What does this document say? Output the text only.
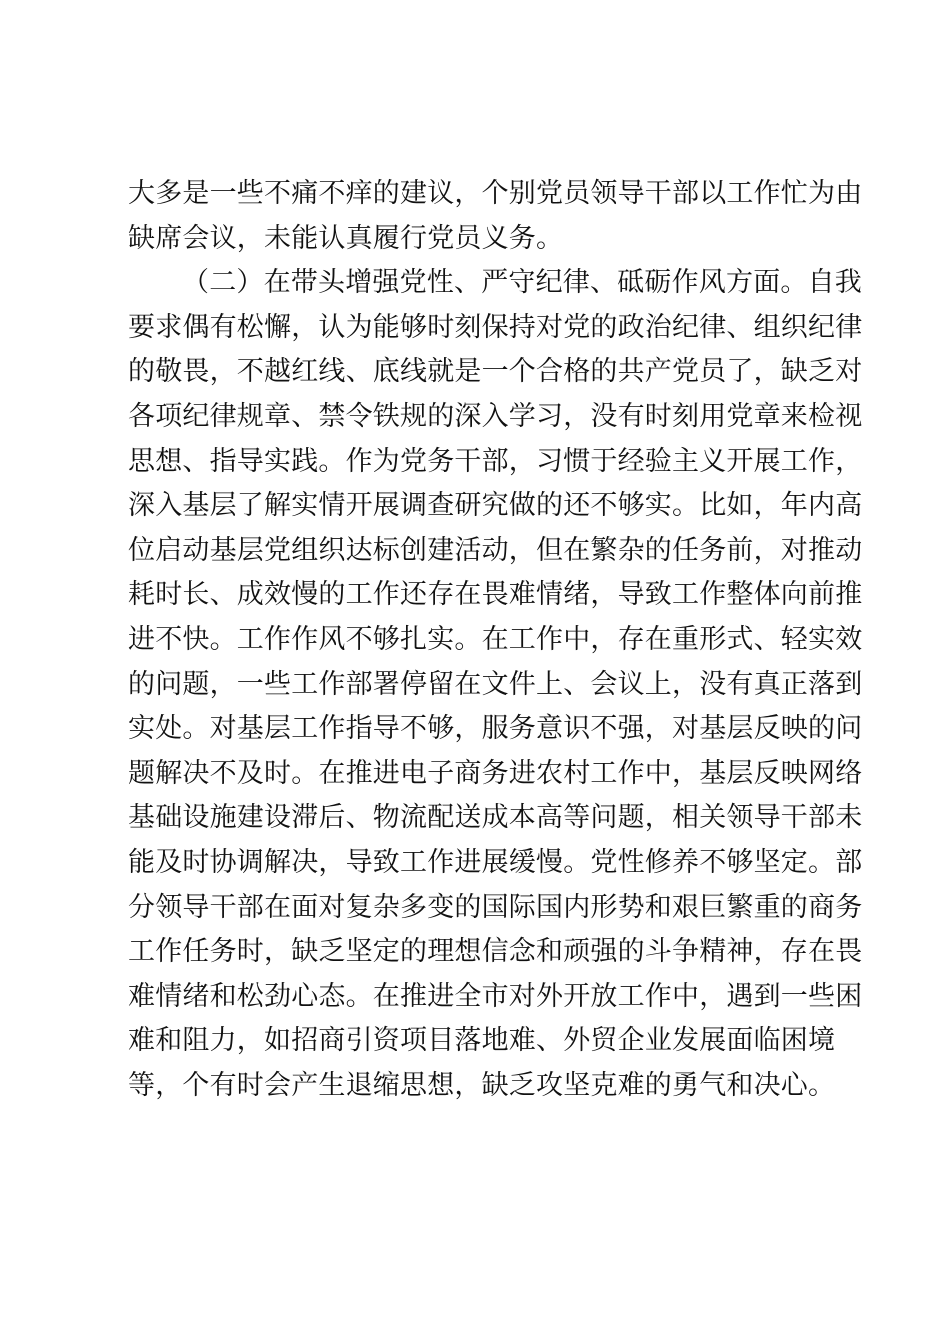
大多是一些不痛不痒的建议，个别党员领导干部以工作忙为由
缺席会议，未能认真履行党员义务。
（二）在带头增强党性、严守纪律、砥砺作风方面。自我
要求偶有松懈，认为能够时刻保持对党的政治纪律、组织纪律
的敬畏，不越红线、底线就是一个合格的共产党员了，缺乏对
各项纪律规章、禁令铁规的深入学习，没有时刻用党章来检视
思想、指导实践。作为党务干部，习惯于经验主义开展工作，
深入基层了解实情开展调查研究做的还不够实。比如，年内高
位启动基层党组织达标创建活动，但在繁杂的任务前，对推动
耗时长、成效慢的工作还存在畏难情绪，导致工作整体向前推
进不快。工作作风不够扎实。在工作中，存在重形式、轻实效
的问题，一些工作部署停留在文件上、会议上，没有真正落到
实处。对基层工作指导不够，服务意识不强，对基层反映的问
题解决不及时。在推进电子商务进农村工作中，基层反映网络
基础设施建设滞后、物流配送成本高等问题，相关领导干部未
能及时协调解决，导致工作进展缓慢。党性修养不够坚定。部
分领导干部在面对复杂多变的国际国内形势和艰巨繁重的商务
工作任务时，缺乏坚定的理想信念和顽强的斗争精神，存在畏
难情绪和松劲心态。在推进全市对外开放工作中，遇到一些困
难和阻力，如招商引资项目落地难、外贸企业发展面临困境
等，个有时会产生退缩思想，缺乏攻坚克难的勇气和决心。
